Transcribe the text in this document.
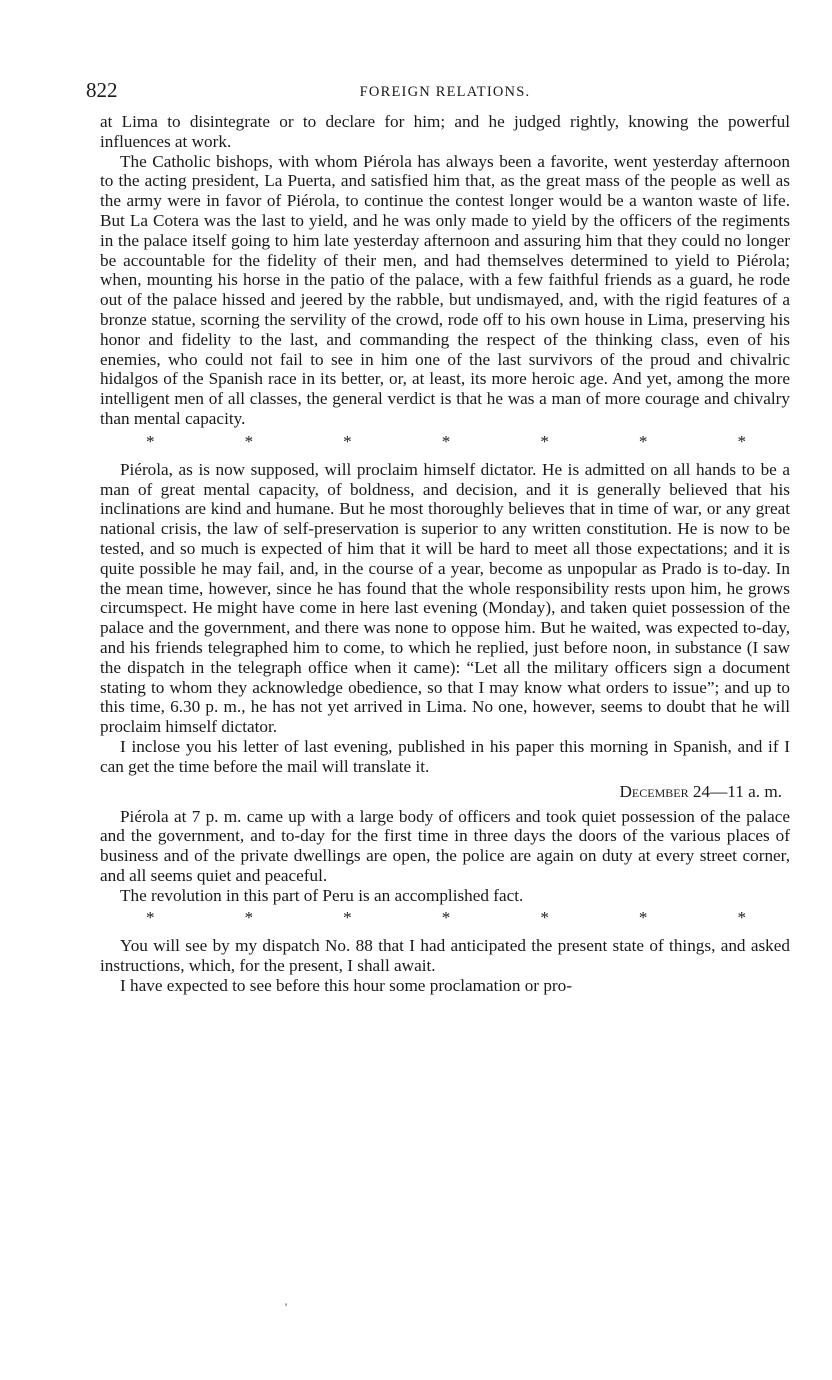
822	FOREIGN RELATIONS.

at Lima to disintegrate or to declare for him; and he judged rightly, knowing the powerful influences at work.

The Catholic bishops, with whom Piérola has always been a favorite, went yesterday afternoon to the acting president, La Puerta, and satisfied him that, as the great mass of the people as well as the army were in favor of Piérola, to continue the contest longer would be a wanton waste of life. But La Cotera was the last to yield, and he was only made to yield by the officers of the regiments in the palace itself going to him late yesterday afternoon and assuring him that they could no longer be accountable for the fidelity of their men, and had themselves determined to yield to Piérola; when, mounting his horse in the patio of the palace, with a few faithful friends as a guard, he rode out of the palace hissed and jeered by the rabble, but undismayed, and, with the rigid features of a bronze statue, scorning the servility of the crowd, rode off to his own house in Lima, preserving his honor and fidelity to the last, and commanding the respect of the thinking class, even of his enemies, who could not fail to see in him one of the last survivors of the proud and chivalric hidalgos of the Spanish race in its better, or, at least, its more heroic age. And yet, among the more intelligent men of all classes, the general verdict is that he was a man of more courage and chivalry than mental capacity.

*	*	*	*	*	*	*

Piérola, as is now supposed, will proclaim himself dictator. He is admitted on all hands to be a man of great mental capacity, of boldness, and decision, and it is generally believed that his inclinations are kind and humane. But he most thoroughly believes that in time of war, or any great national crisis, the law of self-preservation is superior to any written constitution. He is now to be tested, and so much is expected of him that it will be hard to meet all those expectations; and it is quite possible he may fail, and, in the course of a year, become as unpopular as Prado is to-day. In the mean time, however, since he has found that the whole responsibility rests upon him, he grows circumspect. He might have come in here last evening (Monday), and taken quiet possession of the palace and the government, and there was none to oppose him. But he waited, was expected to-day, and his friends telegraphed him to come, to which he replied, just before noon, in substance (I saw the dispatch in the telegraph office when it came): “Let all the military officers sign a document stating to whom they acknowledge obedience, so that I may know what orders to issue”; and up to this time, 6.30 p. m., he has not yet arrived in Lima. No one, however, seems to doubt that he will proclaim himself dictator.

I inclose you his letter of last evening, published in his paper this morning in Spanish, and if I can get the time before the mail will translate it.

December 24—11 a. m.

Piérola at 7 p. m. came up with a large body of officers and took quiet possession of the palace and the government, and to-day for the first time in three days the doors of the various places of business and of the private dwellings are open, the police are again on duty at every street corner, and all seems quiet and peaceful.

The revolution in this part of Peru is an accomplished fact.

*	*	*	*	*	*	*

You will see by my dispatch No. 88 that I had anticipated the present state of things, and asked instructions, which, for the present, I shall await.

I have expected to see before this hour some proclamation or pro-

'
